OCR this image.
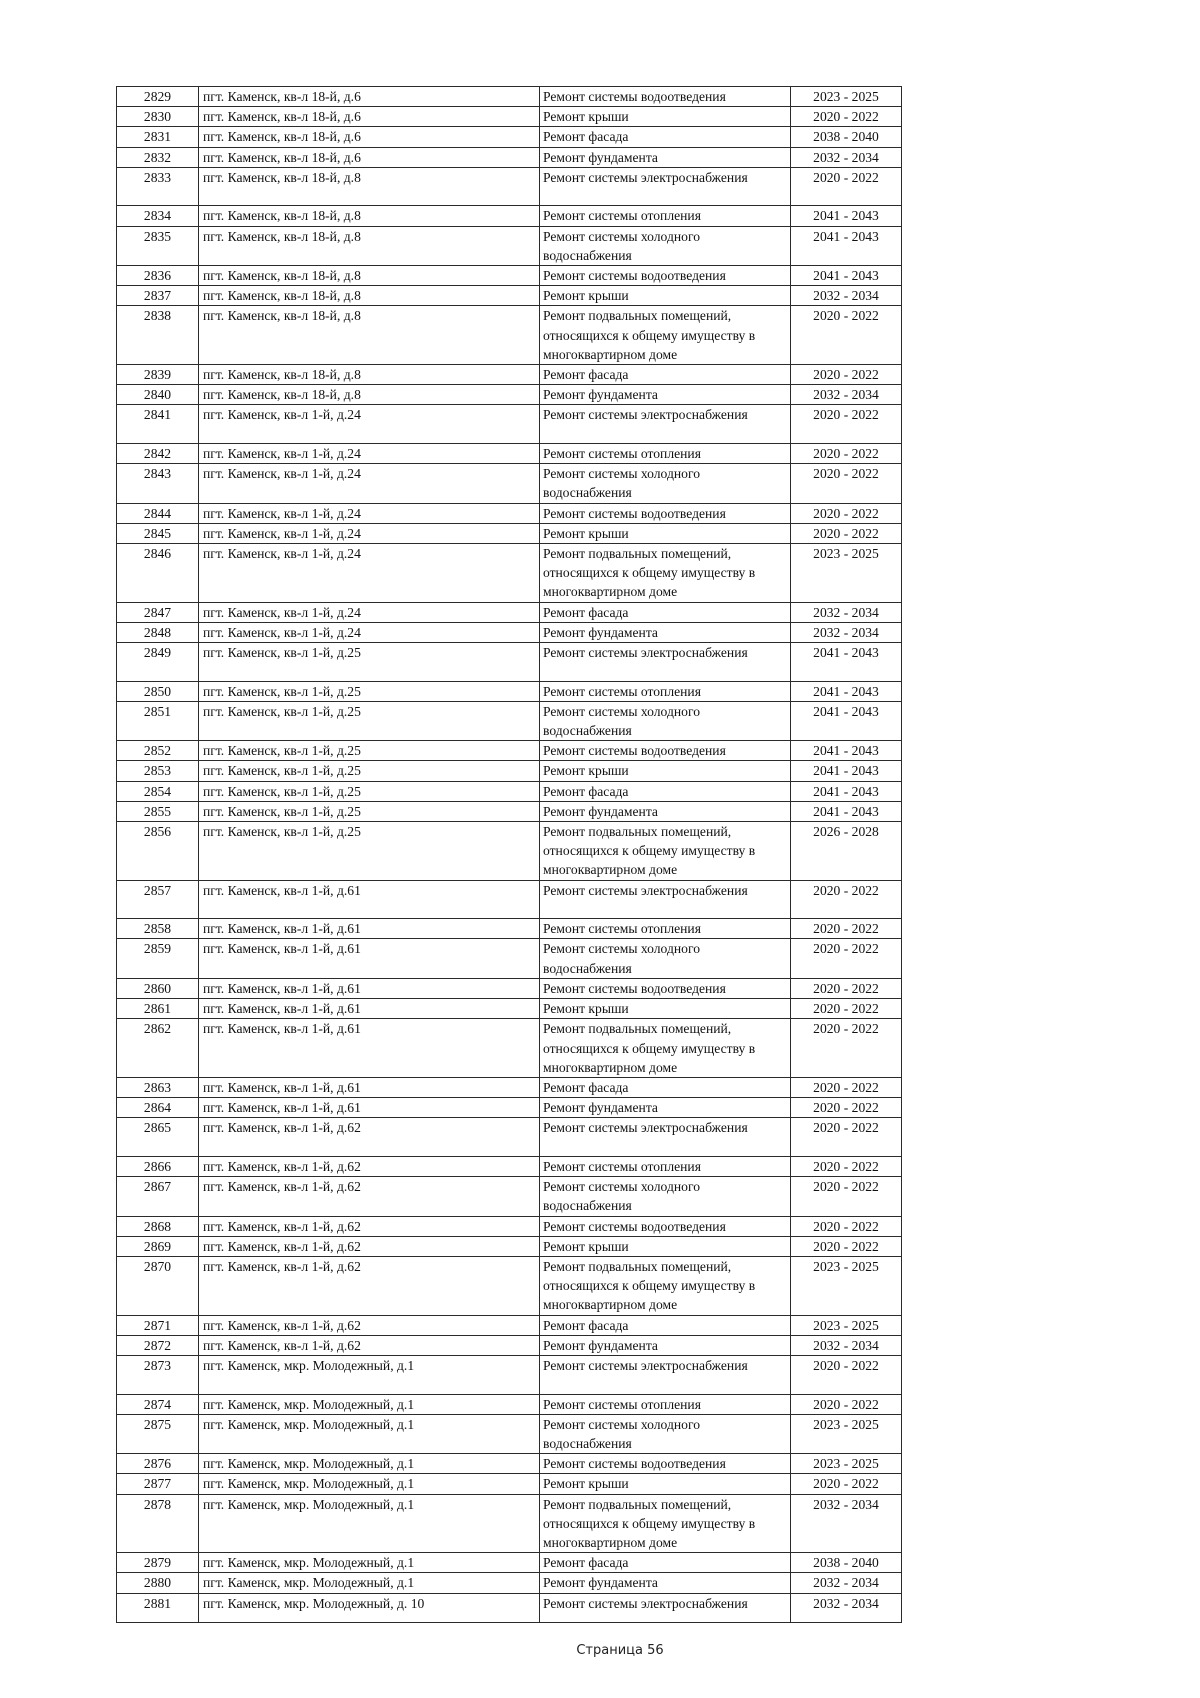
2829	пгт. Каменск, кв-л 18-й, д.6	Ремонт системы водоотведения	2023 - 2025
2830	пгт. Каменск, кв-л 18-й, д.6	Ремонт крыши	2020 - 2022
2831	пгт. Каменск, кв-л 18-й, д.6	Ремонт фасада	2038 - 2040
2832	пгт. Каменск, кв-л 18-й, д.6	Ремонт фундамента	2032 - 2034
2833	пгт. Каменск, кв-л 18-й, д.8	Ремонт системы электроснабжения	2020 - 2022
2834	пгт. Каменск, кв-л 18-й, д.8	Ремонт системы отопления	2041 - 2043
2835	пгт. Каменск, кв-л 18-й, д.8	Ремонт системы холодного водоснабжения	2041 - 2043
2836	пгт. Каменск, кв-л 18-й, д.8	Ремонт системы водоотведения	2041 - 2043
2837	пгт. Каменск, кв-л 18-й, д.8	Ремонт крыши	2032 - 2034
2838	пгт. Каменск, кв-л 18-й, д.8	Ремонт подвальных помещений, относящихся к общему имуществу в многоквартирном доме	2020 - 2022
2839	пгт. Каменск, кв-л 18-й, д.8	Ремонт фасада	2020 - 2022
2840	пгт. Каменск, кв-л 18-й, д.8	Ремонт фундамента	2032 - 2034
2841	пгт. Каменск, кв-л 1-й, д.24	Ремонт системы электроснабжения	2020 - 2022
2842	пгт. Каменск, кв-л 1-й, д.24	Ремонт системы отопления	2020 - 2022
2843	пгт. Каменск, кв-л 1-й, д.24	Ремонт системы холодного водоснабжения	2020 - 2022
2844	пгт. Каменск, кв-л 1-й, д.24	Ремонт системы водоотведения	2020 - 2022
2845	пгт. Каменск, кв-л 1-й, д.24	Ремонт крыши	2020 - 2022
2846	пгт. Каменск, кв-л 1-й, д.24	Ремонт подвальных помещений, относящихся к общему имуществу в многоквартирном доме	2023 - 2025
2847	пгт. Каменск, кв-л 1-й, д.24	Ремонт фасада	2032 - 2034
2848	пгт. Каменск, кв-л 1-й, д.24	Ремонт фундамента	2032 - 2034
2849	пгт. Каменск, кв-л 1-й, д.25	Ремонт системы электроснабжения	2041 - 2043
2850	пгт. Каменск, кв-л 1-й, д.25	Ремонт системы отопления	2041 - 2043
2851	пгт. Каменск, кв-л 1-й, д.25	Ремонт системы холодного водоснабжения	2041 - 2043
2852	пгт. Каменск, кв-л 1-й, д.25	Ремонт системы водоотведения	2041 - 2043
2853	пгт. Каменск, кв-л 1-й, д.25	Ремонт крыши	2041 - 2043
2854	пгт. Каменск, кв-л 1-й, д.25	Ремонт фасада	2041 - 2043
2855	пгт. Каменск, кв-л 1-й, д.25	Ремонт фундамента	2041 - 2043
2856	пгт. Каменск, кв-л 1-й, д.25	Ремонт подвальных помещений, относящихся к общему имуществу в многоквартирном доме	2026 - 2028
2857	пгт. Каменск, кв-л 1-й, д.61	Ремонт системы электроснабжения	2020 - 2022
2858	пгт. Каменск, кв-л 1-й, д.61	Ремонт системы отопления	2020 - 2022
2859	пгт. Каменск, кв-л 1-й, д.61	Ремонт системы холодного водоснабжения	2020 - 2022
2860	пгт. Каменск, кв-л 1-й, д.61	Ремонт системы водоотведения	2020 - 2022
2861	пгт. Каменск, кв-л 1-й, д.61	Ремонт крыши	2020 - 2022
2862	пгт. Каменск, кв-л 1-й, д.61	Ремонт подвальных помещений, относящихся к общему имуществу в многоквартирном доме	2020 - 2022
2863	пгт. Каменск, кв-л 1-й, д.61	Ремонт фасада	2020 - 2022
2864	пгт. Каменск, кв-л 1-й, д.61	Ремонт фундамента	2020 - 2022
2865	пгт. Каменск, кв-л 1-й, д.62	Ремонт системы электроснабжения	2020 - 2022
2866	пгт. Каменск, кв-л 1-й, д.62	Ремонт системы отопления	2020 - 2022
2867	пгт. Каменск, кв-л 1-й, д.62	Ремонт системы холодного водоснабжения	2020 - 2022
2868	пгт. Каменск, кв-л 1-й, д.62	Ремонт системы водоотведения	2020 - 2022
2869	пгт. Каменск, кв-л 1-й, д.62	Ремонт крыши	2020 - 2022
2870	пгт. Каменск, кв-л 1-й, д.62	Ремонт подвальных помещений, относящихся к общему имуществу в многоквартирном доме	2023 - 2025
2871	пгт. Каменск, кв-л 1-й, д.62	Ремонт фасада	2023 - 2025
2872	пгт. Каменск, кв-л 1-й, д.62	Ремонт фундамента	2032 - 2034
2873	пгт. Каменск, мкр. Молодежный, д.1	Ремонт системы электроснабжения	2020 - 2022
2874	пгт. Каменск, мкр. Молодежный, д.1	Ремонт системы отопления	2020 - 2022
2875	пгт. Каменск, мкр. Молодежный, д.1	Ремонт системы холодного водоснабжения	2023 - 2025
2876	пгт. Каменск, мкр. Молодежный, д.1	Ремонт системы водоотведения	2023 - 2025
2877	пгт. Каменск, мкр. Молодежный, д.1	Ремонт крыши	2020 - 2022
2878	пгт. Каменск, мкр. Молодежный, д.1	Ремонт подвальных помещений, относящихся к общему имуществу в многоквартирном доме	2032 - 2034
2879	пгт. Каменск, мкр. Молодежный, д.1	Ремонт фасада	2038 - 2040
2880	пгт. Каменск, мкр. Молодежный, д.1	Ремонт фундамента	2032 - 2034
2881	пгт. Каменск, мкр. Молодежный, д. 10	Ремонт системы электроснабжения	2032 - 2034
Страница 56
